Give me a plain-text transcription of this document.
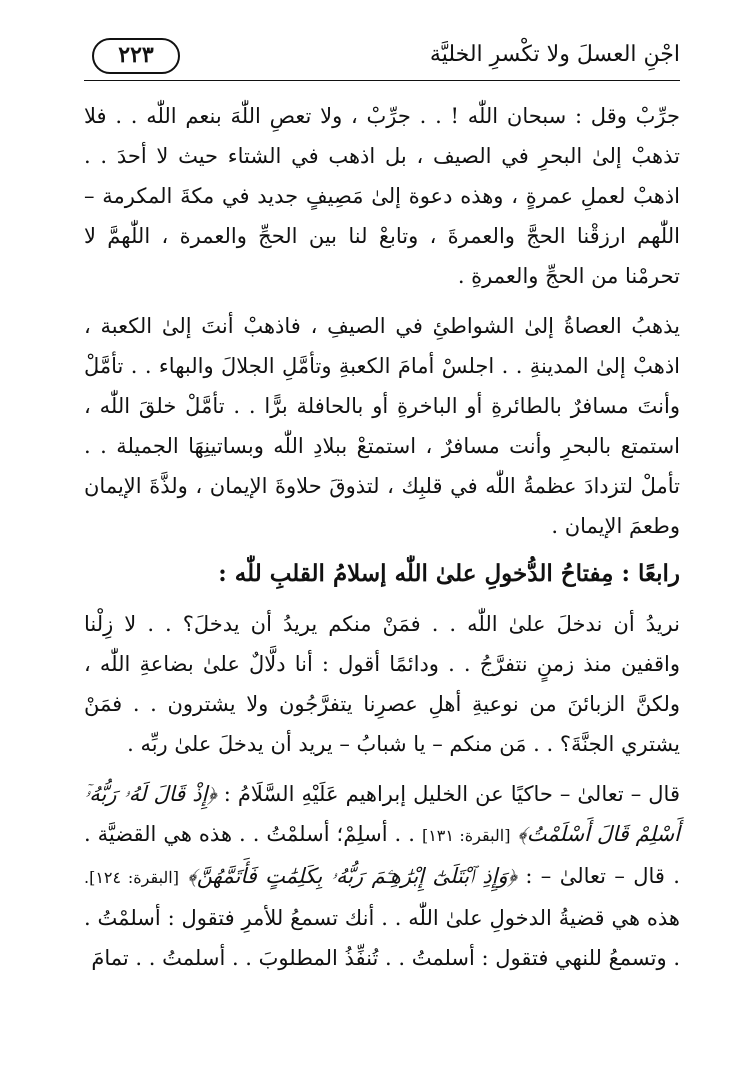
اجْنِ العسلَ ولا تكْسرِ الخليَّة
٢٢٣

جرِّبْ وقل : سبحان اللّٰه ! . . جرِّبْ ، ولا تعصِ اللّٰهَ بنعم اللّٰه . . فلا تذهبْ إلىٰ البحرِ في الصيف ، بل اذهب في الشتاء حيث لا أحدَ . . اذهبْ لعملِ عمرةٍ ، وهذه دعوة إلىٰ مَصِيفٍ جديد في مكةَ المكرمة – اللّٰهم ارزقْنا الحجَّ والعمرةَ ، وتابعْ لنا بين الحجِّ والعمرة ، اللّٰهمَّ لا تحرمْنا من الحجِّ والعمرةِ .

يذهبُ العصاةُ إلىٰ الشواطئِ في الصيفِ ، فاذهبْ أنتَ إلىٰ الكعبة ، اذهبْ إلىٰ المدينةِ . . اجلسْ أمامَ الكعبةِ وتأمَّلِ الجلالَ والبهاء . . تأمَّلْ وأنتَ مسافرٌ بالطائرةِ أو الباخرةِ أو بالحافلة برًّا . . تأمَّلْ خلقَ اللّٰه ، استمتع بالبحرِ وأنت مسافرٌ ، استمتعْ ببلادِ اللّٰه وبساتينِهَا الجميلة . . تأملْ لتزدادَ عظمةُ اللّٰه في قلبِك ، لتذوقَ حلاوةَ الإيمان ، ولذَّةَ الإيمان وطعمَ الإيمان .

رابعًا : مِفتاحُ الدُّخولِ علىٰ اللّٰه إسلامُ القلبِ للّٰه :

نريدُ أن ندخلَ علىٰ اللّٰه . . فمَنْ منكم يريدُ أن يدخلَ؟ . . لا زِلْنا واقفين منذ زمنٍ نتفرَّجُ . . ودائمًا أقول : أنا دلَّالٌ علىٰ بضاعةِ اللّٰه ، ولكنَّ الزبائنَ من نوعيةِ أهلِ عصرِنا يتفرَّجُون ولا يشترون . . فمَنْ يشتري الجنَّةَ؟ . . مَن منكم – يا شبابُ – يريد أن يدخلَ علىٰ ربِّه .

قال – تعالىٰ – حاكيًا عن الخليل إبراهيم عَلَيْهِ السَّلَامُ : ﴿إِذْ قَالَ لَهُۥ رَبُّهُۥٓ أَسْلِمْ قَالَ أَسْلَمْتُ﴾ [البقرة: ١٣١] . . أسلِمْ؛ أسلمْتُ . . هذه هي القضيَّة . . قال – تعالىٰ – : ﴿وَإِذِ ٱبْتَلَىٰٓ إِبْرَٰهِـۧمَ رَبُّهُۥ بِكَلِمَٰتٍ فَأَتَمَّهُنَّ﴾ [البقرة: ١٢٤]. هذه هي قضيةُ الدخولِ علىٰ اللّٰه . . أنك تسمعُ للأمرِ فتقول : أسلمْتُ . . وتسمعُ للنهي فتقول : أسلمتُ . . تُنفِّذُ المطلوبَ . . أسلمتُ . . تمامَ
